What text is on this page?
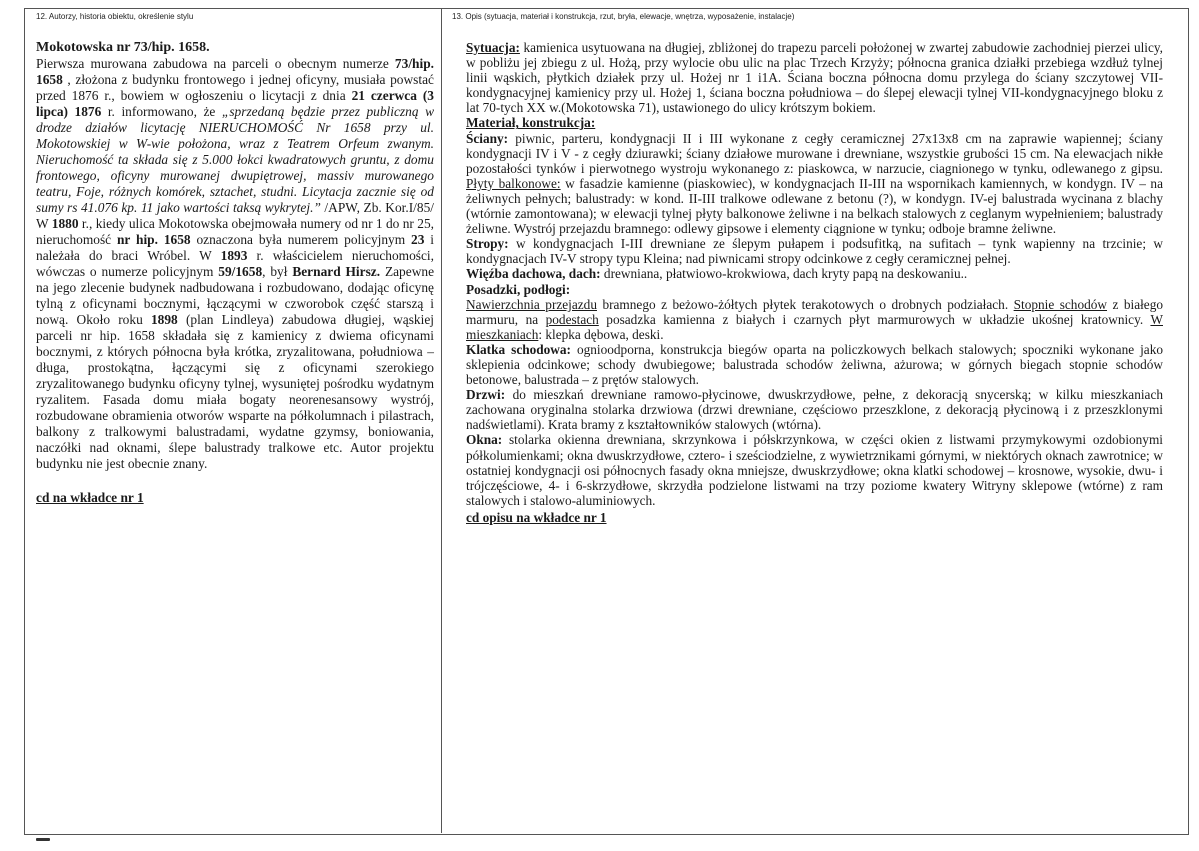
12. Autorzy, historia obiektu, określenie stylu	13. Opis (sytuacja, materiał i konstrukcja, rzut, bryła, elewacje, wnętrza, wyposażenie, instalacje)

Mokotowska nr 73/hip. 1658.

Pierwsza murowana zabudowa na parceli o obecnym numerze 73/hip. 1658 , złożona z budynku frontowego i jednej oficyny, musiała powstać przed 1876 r., bowiem w ogłoszeniu o licytacji z dnia 21 czerwca (3 lipca) 1876 r. informowano, że „sprzedaną będzie przez publiczną w drodze działów licytację NIERUCHOMOŚĆ Nr 1658 przy ul. Mokotowskiej w W-wie położona, wraz z Teatrem Orfeum zwanym. Nieruchomość ta składa się z 5.000 łokci kwadratowych gruntu, z domu frontowego, oficyny murowanej dwupiętrowej, massiv murowanego teatru, Foje, różnych komórek, sztachet, studni. Licytacja zacznie się od sumy rs 41.076 kp. 11 jako wartości taksą wykrytej.” /APW, Zb. Kor.I/85/ W 1880 r., kiedy ulica Mokotowska obejmowała numery od nr 1 do nr 25, nieruchomość nr hip. 1658 oznaczona była numerem policyjnym 23 i należała do braci Wróbel. W 1893 r. właścicielem nieruchomości, wówczas o numerze policyjnym 59/1658, był Bernard Hirsz. Zapewne na jego zlecenie budynek nadbudowana i rozbudowano, dodając oficynę tylną z oficynami bocznymi, łączącymi w czworobok część starszą i nową. Około roku 1898 (plan Lindleya) zabudowa długiej, wąskiej parceli nr hip. 1658 składała się z kamienicy z dwiema oficynami bocznymi, z których północna była krótka, zryzalitowana, południowa – długa, prostokątna, łączącymi się z oficynami szerokiego zryzalitowanego budynku oficyny tylnej, wysuniętej pośrodku wydatnym ryzalitem. Fasada domu miała bogaty neorenesansowy wystrój, rozbudowane obramienia otworów wsparte na półkolumnach i pilastrach, balkony z tralkowymi balustradami, wydatne gzymsy, boniowania, naczółki nad oknami, ślepe balustrady tralkowe etc. Autor projektu budynku nie jest obecnie znany.

cd na wkładce nr 1

Sytuacja: kamienica usytuowana na długiej, zbliżonej do trapezu parceli położonej w zwartej zabudowie zachodniej pierzei ulicy, w pobliżu jej zbiegu z ul. Hożą, przy wylocie obu ulic na plac Trzech Krzyży; północna granica działki przebiega wzdłuż tylnej linii wąskich, płytkich działek przy ul. Hożej nr 1 i1A. Ściana boczna północna domu przylega do ściany szczytowej VII-kondygnacyjnej kamienicy przy ul. Hożej 1, ściana boczna południowa – do ślepej elewacji tylnej VII-kondygnacyjnego bloku z lat 70-tych XX w.(Mokotowska 71), ustawionego do ulicy krótszym bokiem.

Materiał, konstrukcja:

Ściany: piwnic, parteru, kondygnacji II i III wykonane z cegły ceramicznej 27x13x8 cm na zaprawie wapiennej; ściany kondygnacji IV i V - z cegły dziurawki; ściany działowe murowane i drewniane, wszystkie grubości 15 cm. Na elewacjach nikłe pozostałości tynków i pierwotnego wystroju wykonanego z: piaskowca, w narzucie, ciagnionego w tynku, odlewanego z gipsu. Płyty balkonowe: w fasadzie kamienne (piaskowiec), w kondygnacjach II-III na wspornikach kamiennych, w kondygn. IV – na żeliwnych pełnych; balustrady: w kond. II-III tralkowe odlewane z betonu (?), w kondygn. IV-ej balustrada wycinana z blachy (wtórnie zamontowana); w elewacji tylnej płyty balkonowe żeliwne i na belkach stalowych z ceglanym wypełnieniem; balustrady żeliwne. Wystrój przejazdu bramnego: odlewy gipsowe i elementy ciągnione w tynku; odboje bramne żeliwne.

Stropy: w kondygnacjach I-III drewniane ze ślepym pułapem i podsufitką, na sufitach – tynk wapienny na trzcinie; w kondygnacjach IV-V stropy typu Kleina; nad piwnicami stropy odcinkowe z cegły ceramicznej pełnej.

Więźba dachowa, dach: drewniana, płatwiowo-krokwiowa, dach kryty papą na deskowaniu..

Posadzki, podłogi:

Nawierzchnia przejazdu bramnego z beżowo-żółtych płytek terakotowych o drobnych podziałach. Stopnie schodów z białego marmuru, na podestach posadzka kamienna z białych i czarnych płyt marmurowych w układzie ukośnej kratownicy. W mieszkaniach: klepka dębowa, deski.

Klatka schodowa: ognioodporna, konstrukcja biegów oparta na policzkowych belkach stalowych; spoczniki wykonane jako sklepienia odcinkowe; schody dwubiegowe; balustrada schodów żeliwna, ażurowa; w górnych biegach stopnie schodów betonowe, balustrada – z prętów stalowych.

Drzwi: do mieszkań drewniane ramowo-płycinowe, dwuskrzydłowe, pełne, z dekoracją snycerską; w kilku mieszkaniach zachowana oryginalna stolarka drzwiowa (drzwi drewniane, częściowo przeszklone, z dekoracją płycinową i z przeszklonymi nadświetlami). Krata bramy z kształtowników stalowych (wtórna).

Okna: stolarka okienna drewniana, skrzynkowa i półskrzynkowa, w części okien z listwami przymykowymi ozdobionymi półkolumienkami; okna dwuskrzydłowe, cztero- i sześciodzielne, z wywietrznikami górnymi, w niektórych oknach zawrotnice; w ostatniej kondygnacji osi północnych fasady okna mniejsze, dwuskrzydłowe; okna klatki schodowej – krosnowe, wysokie, dwu- i trójczęściowe, 4- i 6-skrzydłowe, skrzydła podzielone listwami na trzy poziome kwatery Witryny sklepowe (wtórne) z ram stalowych i stalowo-aluminiowych.

cd opisu na wkładce nr 1
